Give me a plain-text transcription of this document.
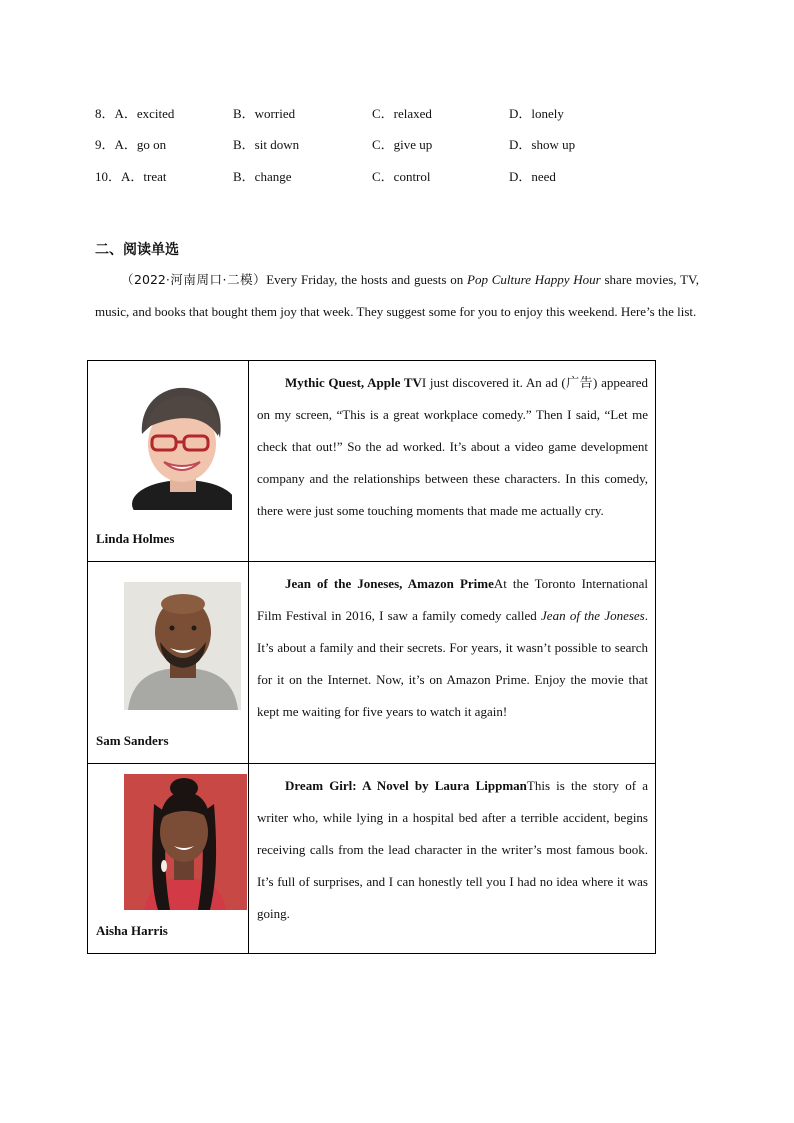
8．A．excited	B．worried	C．relaxed	D．lonely
9．A．go on	B．sit down	C．give up	D．show up
10．A．treat	B．change	C．control	D．need
二、阅读单选
（2022·河南周口·二模）Every Friday, the hosts and guests on Pop Culture Happy Hour share movies, TV, music, and books that bought them joy that week. They suggest some for you to enjoy this weekend. Here’s the list.
Linda Holmes	Mythic Quest, Apple TVI just discovered it. An ad (广告) appeared on my screen, “This is a great workplace comedy.” Then I said, “Let me check that out!” So the ad worked. It’s about a video game development company and the relationships between these characters. In this comedy, there were just some touching moments that made me actually cry.

Sam Sanders	Jean of the Joneses, Amazon PrimeAt the Toronto International Film Festival in 2016, I saw a family comedy called Jean of the Joneses. It’s about a family and their secrets. For years, it wasn’t possible to search for it on the Internet. Now, it’s on Amazon Prime. Enjoy the movie that kept me waiting for five years to watch it again!

Aisha Harris	Dream Girl: A Novel by Laura LippmanThis is the story of a writer who, while lying in a hospital bed after a terrible accident, begins receiving calls from the lead character in the writer’s most famous book. It’s full of surprises, and I can honestly tell you I had no idea where it was going.
